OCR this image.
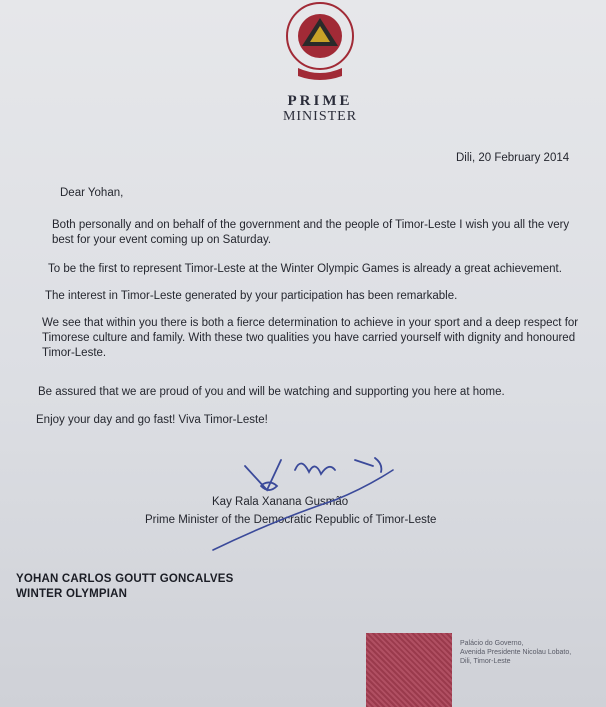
PRIME
MINISTER
Dili, 20 February 2014
Dear Yohan,
Both personally and on behalf of the government and the people of Timor-Leste I wish you all the very best for your event coming up on Saturday.
To be the first to represent Timor-Leste at the Winter Olympic Games is already a great achievement.
The interest in Timor-Leste generated by your participation has been remarkable.
We see that within you there is both a fierce determination to achieve in your sport and a deep respect for Timorese culture and family. With these two qualities you have carried yourself with dignity and honoured Timor-Leste.
Be assured that we are proud of you and will be watching and supporting you here at home.
Enjoy your day and go fast! Viva Timor-Leste!
Kay Rala Xanana Gusmão
Prime Minister of the Democratic Republic of Timor-Leste
YOHAN CARLOS GOUTT GONCALVES
WINTER OLYMPIAN
Palácio do Governo,
Avenida Presidente Nicolau Lobato,
Dili, Timor-Leste
